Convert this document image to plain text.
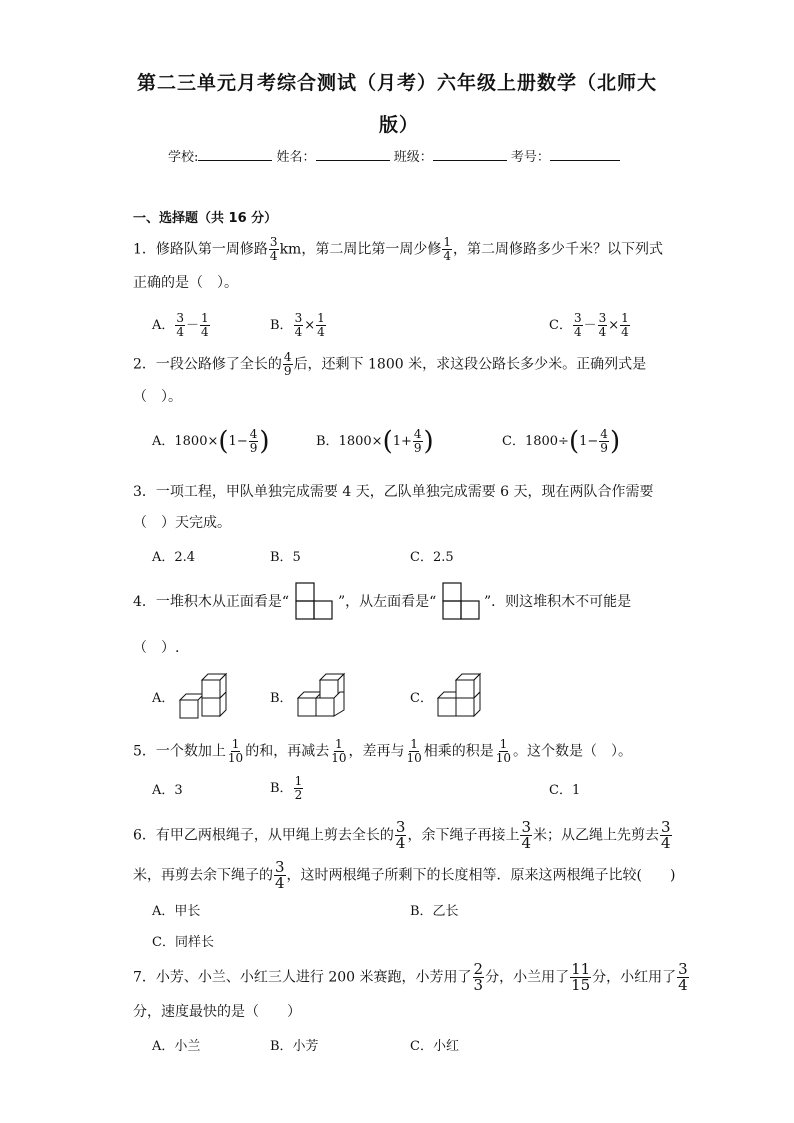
第二三单元月考综合测试（月考）六年级上册数学（北师大
版）
学校:	姓名：	班级：	考号：
一、选择题（共 16 分）
1．修路队第一周修路 $\frac{3}{4}$ km，第二周比第一周少修 $\frac{1}{4}$ ，第二周修路多少千米？以下列式
正确的是（　）。
A． $\frac{3}{4} - \frac{1}{4}$	B． $\frac{3}{4} \times \frac{1}{4}$	C． $\frac{3}{4} - \frac{3}{4} \times \frac{1}{4}$
2．一段公路修了全长的 $\frac{4}{9}$ 后，还剩下 1800 米，求这段公路长多少米。正确列式是
（　）。
A．$1800\times(1- \frac{4}{9}$ )	B．$1800\times(1+ \frac{4}{9}$ )	C．$1800\div(1- \frac{4}{9}$ )
3．一项工程，甲队单独完成需要 4 天，乙队单独完成需要 6 天，现在两队合作需要
（　）天完成。
A．2.4	B．5	C．2.5
4．一堆积木从正面看是“	”，从左面看是“	”．则这堆积木不可能是
（　）.
A．	B．	C．
5．一个数加上 $\frac{1}{10}$ 的和，再减去 $\frac{1}{10}$ ，差再与 $\frac{1}{10}$ 相乘的积是 $\frac{1}{10}$ 。这个数是（　）。
A．3	B． $\frac{1}{2}$	C．1
6．有甲乙两根绳子，从甲绳上剪去全长的 $\frac{3}{4}$ ，余下绳子再接上 $\frac{3}{4}$ 米；从乙绳上先剪去 $\frac{3}{4}$
米，再剪去余下绳子的 $\frac{3}{4}$ ，这时两根绳子所剩下的长度相等．原来这两根绳子比较(　　)
A．甲长	B．乙长
C．同样长
7．小芳、小兰、小红三人进行 200 米赛跑，小芳用了 $\frac{2}{3}$ 分，小兰用了 $\frac{11}{15}$ 分，小红用了 $\frac{3}{4}$
分，速度最快的是（　　）
A．小兰	B．小芳	C．小红
